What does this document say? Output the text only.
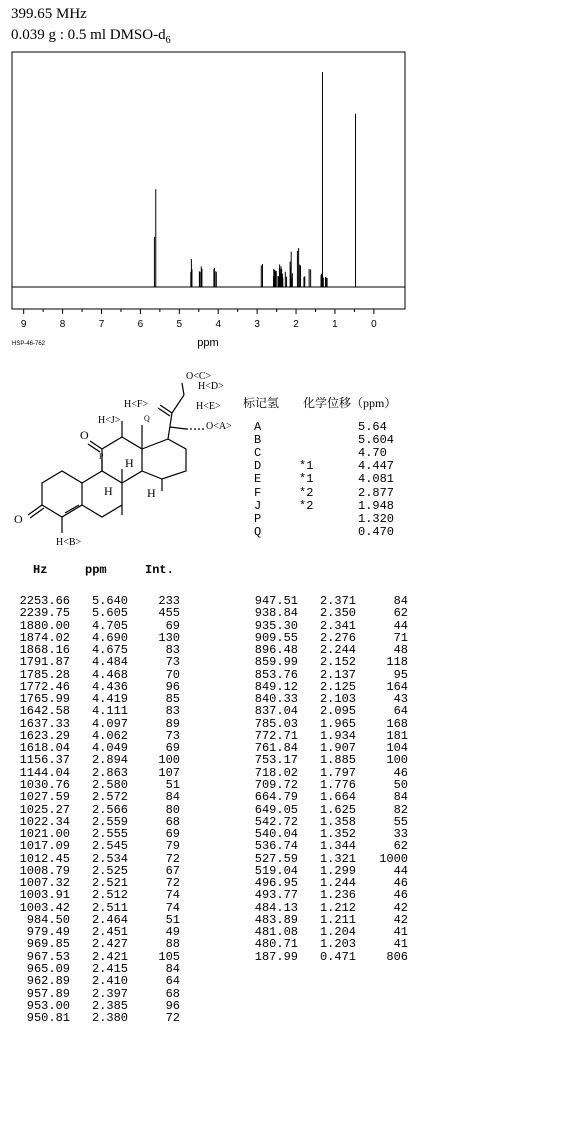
399.65 MHz
0.039 g : 0.5 ml DMSO-$d_6$
9	8	7	6	5	4	3	2	1	0
ppm
HSP-46-762
O<C>
H<D>
H<E>
H<F>
Q
H<J>
O
O<A>
P H
H	H
O
H<B>
标记氢 化学位移（ppm）
A	5.64
B	5.604
C	4.70
D	*1	4.447
E	*1	4.081
F	*2	2.877
J	*2	1.948
P	1.320
Q	0.470
Hz	ppm	Int.
2253.66	5.640	233
2239.75	5.605	455
1880.00	4.705	69
1874.02	4.690	130
1868.16	4.675	83
1791.87	4.484	73
1785.28	4.468	70
1772.46	4.436	96
1765.99	4.419	85
1642.58	4.111	83
1637.33	4.097	89
1623.29	4.062	73
1618.04	4.049	69
1156.37	2.894	100
1144.04	2.863	107
1030.76	2.580	51
1027.59	2.572	84
1025.27	2.566	80
1022.34	2.559	68
1021.00	2.555	69
1017.09	2.545	79
1012.45	2.534	72
1008.79	2.525	67
1007.32	2.521	72
1003.91	2.512	74
1003.42	2.511	74
984.50	2.464	51
979.49	2.451	49
969.85	2.427	88
967.53	2.421	105
965.09	2.415	84
962.89	2.410	64
957.89	2.397	68
953.00	2.385	96
950.81	2.380	72
947.51	2.371	84
938.84	2.350	62
935.30	2.341	44
909.55	2.276	71
896.48	2.244	48
859.99	2.152	118
853.76	2.137	95
849.12	2.125	164
840.33	2.103	43
837.04	2.095	64
785.03	1.965	168
772.71	1.934	181
761.84	1.907	104
753.17	1.885	100
718.02	1.797	46
709.72	1.776	50
664.79	1.664	84
649.05	1.625	82
542.72	1.358	55
540.04	1.352	33
536.74	1.344	62
527.59	1.321	1000
519.04	1.299	44
496.95	1.244	46
493.77	1.236	46
484.13	1.212	42
483.89	1.211	42
481.08	1.204	41
480.71	1.203	41
187.99	0.471	806
